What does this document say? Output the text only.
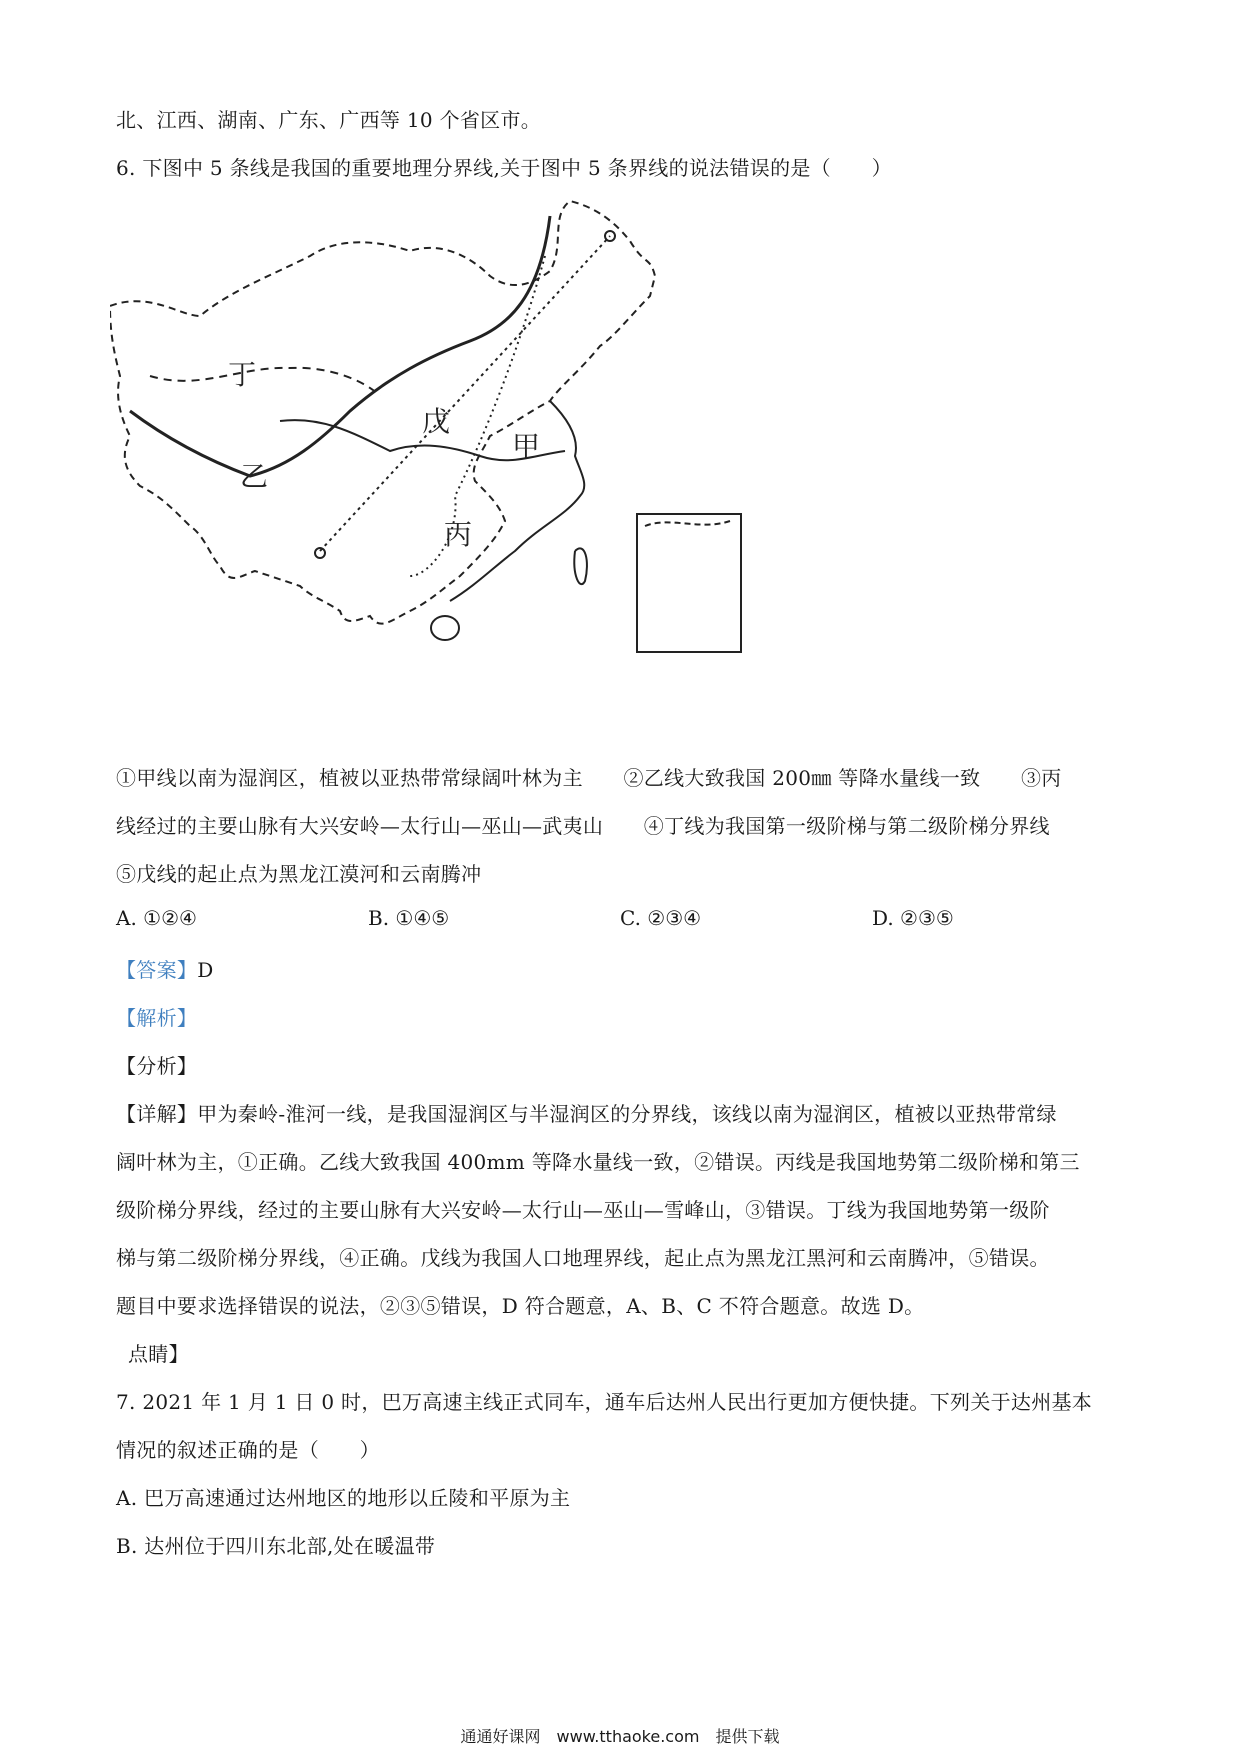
北、江西、湖南、广东、广西等 10 个省区市。
6. 下图中 5 条线是我国的重要地理分界线,关于图中 5 条界线的说法错误的是（　　）
丁
戊
甲
乙
丙
①甲线以南为湿润区，植被以亚热带常绿阔叶林为主　　②乙线大致我国 200㎜ 等降水量线一致　　③丙
线经过的主要山脉有大兴安岭—太行山—巫山—武夷山　　④丁线为我国第一级阶梯与第二级阶梯分界线
⑤戊线的起止点为黑龙江漠河和云南腾冲
A. ①②④	B. ①④⑤	C. ②③④	D. ②③⑤
【答案】D
【解析】
【分析】
【详解】甲为秦岭-淮河一线，是我国湿润区与半湿润区的分界线，该线以南为湿润区，植被以亚热带常绿
阔叶林为主，①正确。乙线大致我国 400mm 等降水量线一致，②错误。丙线是我国地势第二级阶梯和第三
级阶梯分界线，经过的主要山脉有大兴安岭—太行山—巫山—雪峰山，③错误。丁线为我国地势第一级阶
梯与第二级阶梯分界线，④正确。戊线为我国人口地理界线，起止点为黑龙江黑河和云南腾冲，⑤错误。
题目中要求选择错误的说法，②③⑤错误，D 符合题意，A、B、C 不符合题意。故选 D。
点睛】
7. 2021 年 1 月 1 日 0 时，巴万高速主线正式同车，通车后达州人民出行更加方便快捷。下列关于达州基本
情况的叙述正确的是（　　）
A. 巴万高速通过达州地区的地形以丘陵和平原为主
B. 达州位于四川东北部,处在暖温带
通通好课网　www.tthaoke.com　提供下载
